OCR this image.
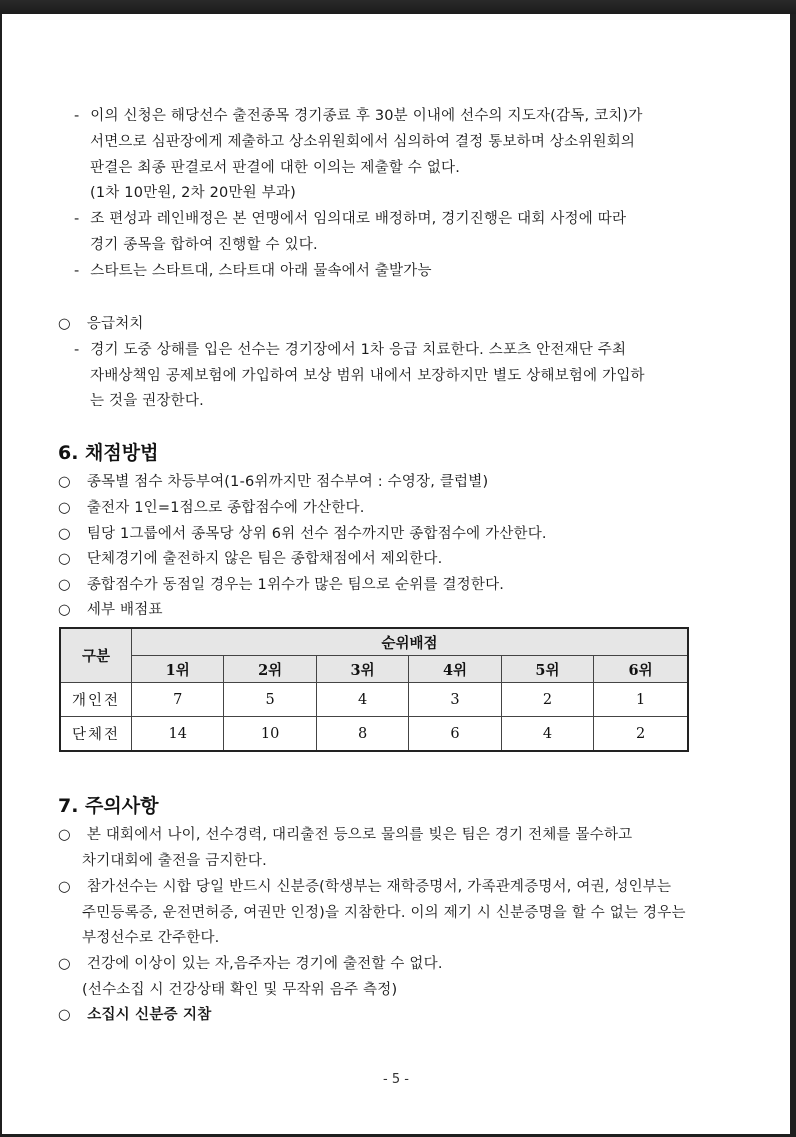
- 이의 신청은 해당선수 출전종목 경기종료 후 30분 이내에 선수의 지도자(감독, 코치)가
서면으로 심판장에게 제출하고 상소위원회에서 심의하여 결정 통보하며 상소위원회의
판결은 최종 판결로서 판결에 대한 이의는 제출할 수 없다.
(1차 10만원, 2차 20만원 부과)
- 조 편성과 레인배정은 본 연맹에서 임의대로 배정하며, 경기진행은 대회 사정에 따라
경기 종목을 합하여 진행할 수 있다.
- 스타트는 스타트대, 스타트대 아래 물속에서 출발가능
○ 응급처치
- 경기 도중 상해를 입은 선수는 경기장에서 1차 응급 치료한다. 스포츠 안전재단 주최
자배상책임 공제보험에 가입하여 보상 범위 내에서 보장하지만 별도 상해보험에 가입하
는 것을 권장한다.
6. 채점방법
○ 종목별 점수 차등부여(1-6위까지만 점수부여 : 수영장, 클럽별)
○ 출전자 1인=1점으로 종합점수에 가산한다.
○ 팀당 1그룹에서 종목당 상위 6위 선수 점수까지만 종합점수에 가산한다.
○ 단체경기에 출전하지 않은 팀은 종합채점에서 제외한다.
○ 종합점수가 동점일 경우는 1위수가 많은 팀으로 순위를 결정한다.
○ 세부 배점표
구분	순위배점					
	1위	2위	3위	4위	5위	6위
개인전	7	5	4	3	2	1
단체전	14	10	8	6	4	2
7. 주의사항
○ 본 대회에서 나이, 선수경력, 대리출전 등으로 물의를 빚은 팀은 경기 전체를 몰수하고
차기대회에 출전을 금지한다.
○ 참가선수는 시합 당일 반드시 신분증(학생부는 재학증명서, 가족관계증명서, 여권, 성인부는
주민등록증, 운전면허증, 여권만 인정)을 지참한다. 이의 제기 시 신분증명을 할 수 없는 경우는
부정선수로 간주한다.
○ 건강에 이상이 있는 자,음주자는 경기에 출전할 수 없다.
(선수소집 시 건강상태 확인 및 무작위 음주 측정)
○ 소집시 신분증 지참
- 5 -
